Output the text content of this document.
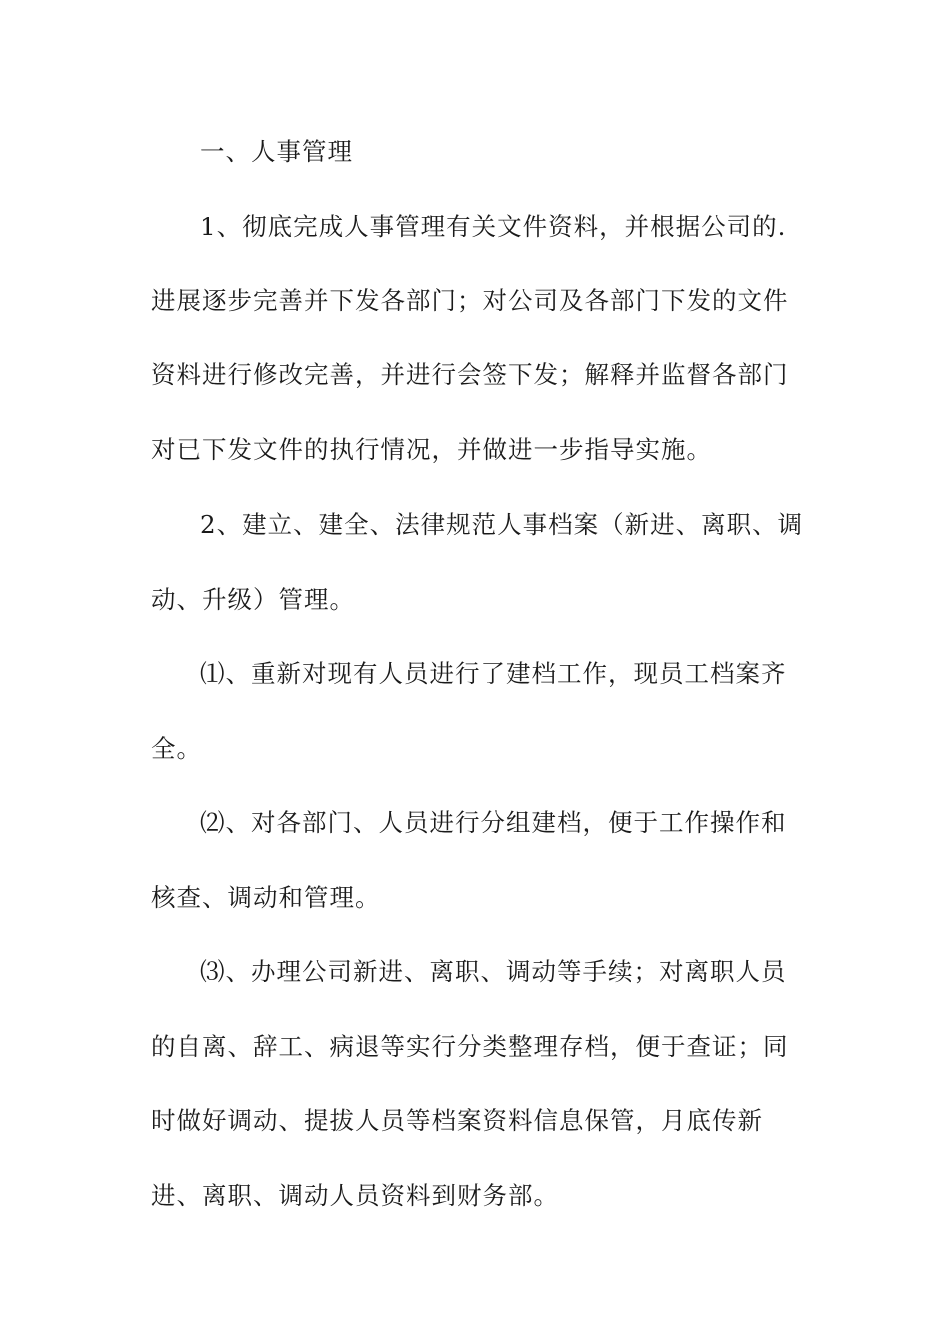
一、人事管理

1、彻底完成人事管理有关文件资料，并根据公司的.

进展逐步完善并下发各部门；对公司及各部门下发的文件

资料进行修改完善，并进行会签下发；解释并监督各部门

对已下发文件的执行情况，并做进一步指导实施。

2、建立、建全、法律规范人事档案（新进、离职、调

动、升级）管理。

⑴、重新对现有人员进行了建档工作，现员工档案齐

全。

⑵、对各部门、人员进行分组建档，便于工作操作和

核查、调动和管理。

⑶、办理公司新进、离职、调动等手续；对离职人员

的自离、辞工、病退等实行分类整理存档，便于查证；同

时做好调动、提拔人员等档案资料信息保管，月底传新

进、离职、调动人员资料到财务部。
